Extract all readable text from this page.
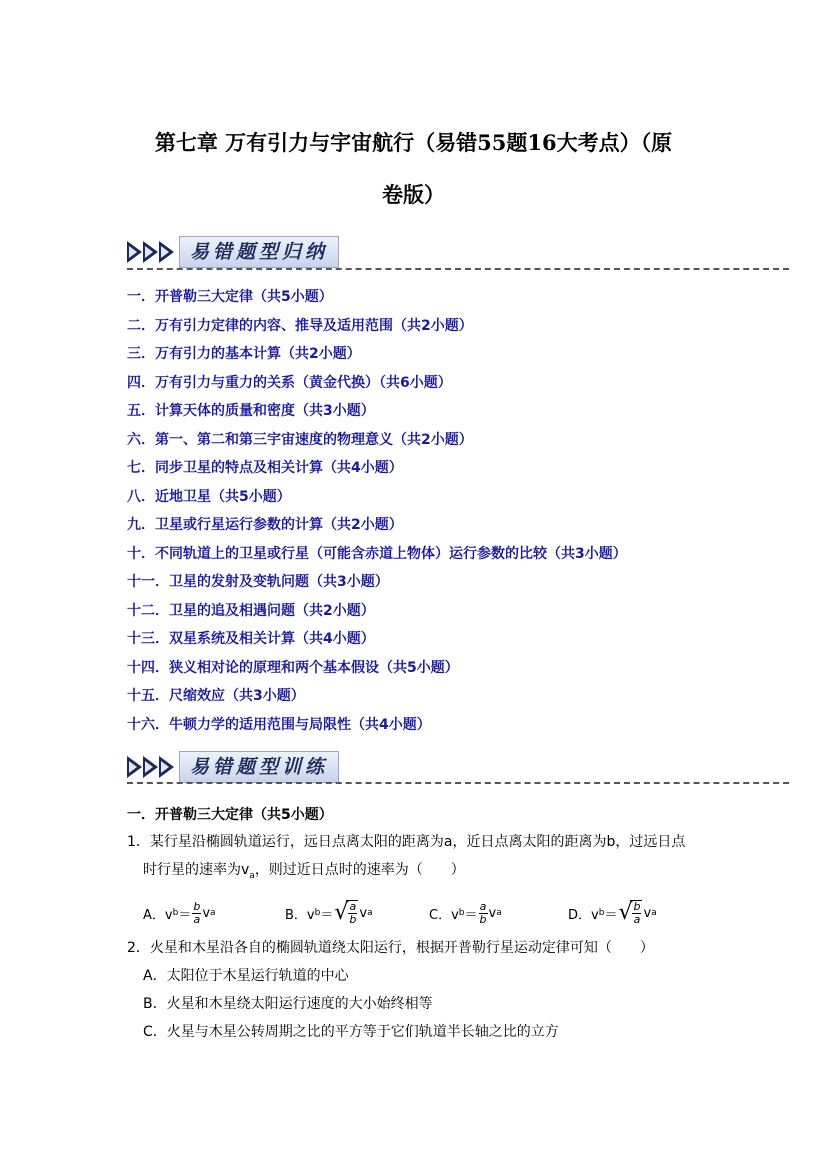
第七章 万有引力与宇宙航行（易错55题16大考点）（原
卷版）
易错题型归纳
一．开普勒三大定律（共5小题）
二．万有引力定律的内容、推导及适用范围（共2小题）
三．万有引力的基本计算（共2小题）
四．万有引力与重力的关系（黄金代换）（共6小题）
五．计算天体的质量和密度（共3小题）
六．第一、第二和第三宇宙速度的物理意义（共2小题）
七．同步卫星的特点及相关计算（共4小题）
八．近地卫星（共5小题）
九．卫星或行星运行参数的计算（共2小题）
十．不同轨道上的卫星或行星（可能含赤道上物体）运行参数的比较（共3小题）
十一．卫星的发射及变轨问题（共3小题）
十二．卫星的追及相遇问题（共2小题）
十三．双星系统及相关计算（共4小题）
十四．狭义相对论的原理和两个基本假设（共5小题）
十五．尺缩效应（共3小题）
十六．牛顿力学的适用范围与局限性（共4小题）
易错题型训练
一．开普勒三大定律（共5小题）
1．某行星沿椭圆轨道运行，远日点离太阳的距离为a，近日点离太阳的距离为b，过远日点
时行星的速率为$v_a$，则过近日点时的速率为（　　）
A．v $b = \frac{b}{a}$ v a	B．v b ＝ √ $\frac{a}{b}$ v a	C．v $b = \frac{a}{b}$ v a	D．v b ＝ √ $\frac{b}{a}$ v a
2．火星和木星沿各自的椭圆轨道绕太阳运行，根据开普勒行星运动定律可知（　　）
A．太阳位于木星运行轨道的中心
B．火星和木星绕太阳运行速度的大小始终相等
C．火星与木星公转周期之比的平方等于它们轨道半长轴之比的立方
